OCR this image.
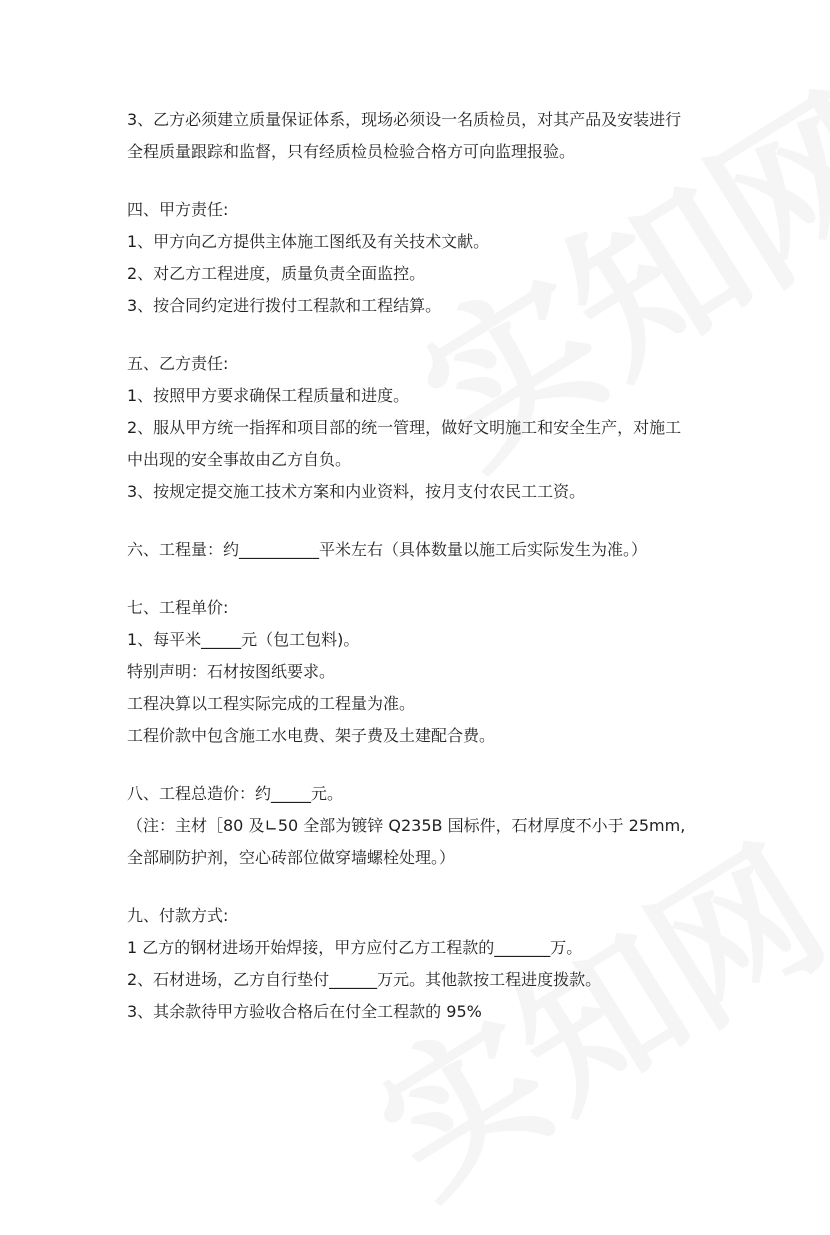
3、乙方必须建立质量保证体系，现场必须设一名质检员，对其产品及安装进行
全程质量跟踪和监督，只有经质检员检验合格方可向监理报验。
四、甲方责任:
1、甲方向乙方提供主体施工图纸及有关技术文献。
2、对乙方工程进度，质量负责全面监控。
3、按合同约定进行拨付工程款和工程结算。
五、乙方责任:
1、按照甲方要求确保工程质量和进度。
2、服从甲方统一指挥和项目部的统一管理，做好文明施工和安全生产，对施工
中出现的安全事故由乙方自负。
3、按规定提交施工技术方案和内业资料，按月支付农民工工资。
六、工程量：约__________平米左右（具体数量以施工后实际发生为准。）
七、工程单价:
1、每平米_____元（包工包料)。
特别声明：石材按图纸要求。
工程决算以工程实际完成的工程量为准。
工程价款中包含施工水电费、架子费及土建配合费。
八、工程总造价：约_____元。
（注：主材［80 及∟50 全部为镀锌 Q235B 国标件，石材厚度不小于 25mm,
全部刷防护剂，空心砖部位做穿墙螺栓处理。）
九、付款方式:
1 乙方的钢材进场开始焊接，甲方应付乙方工程款的_______万。
2、石材进场，乙方自行垫付______万元。其他款按工程进度拨款。
3、其余款待甲方验收合格后在付全工程款的 95%
